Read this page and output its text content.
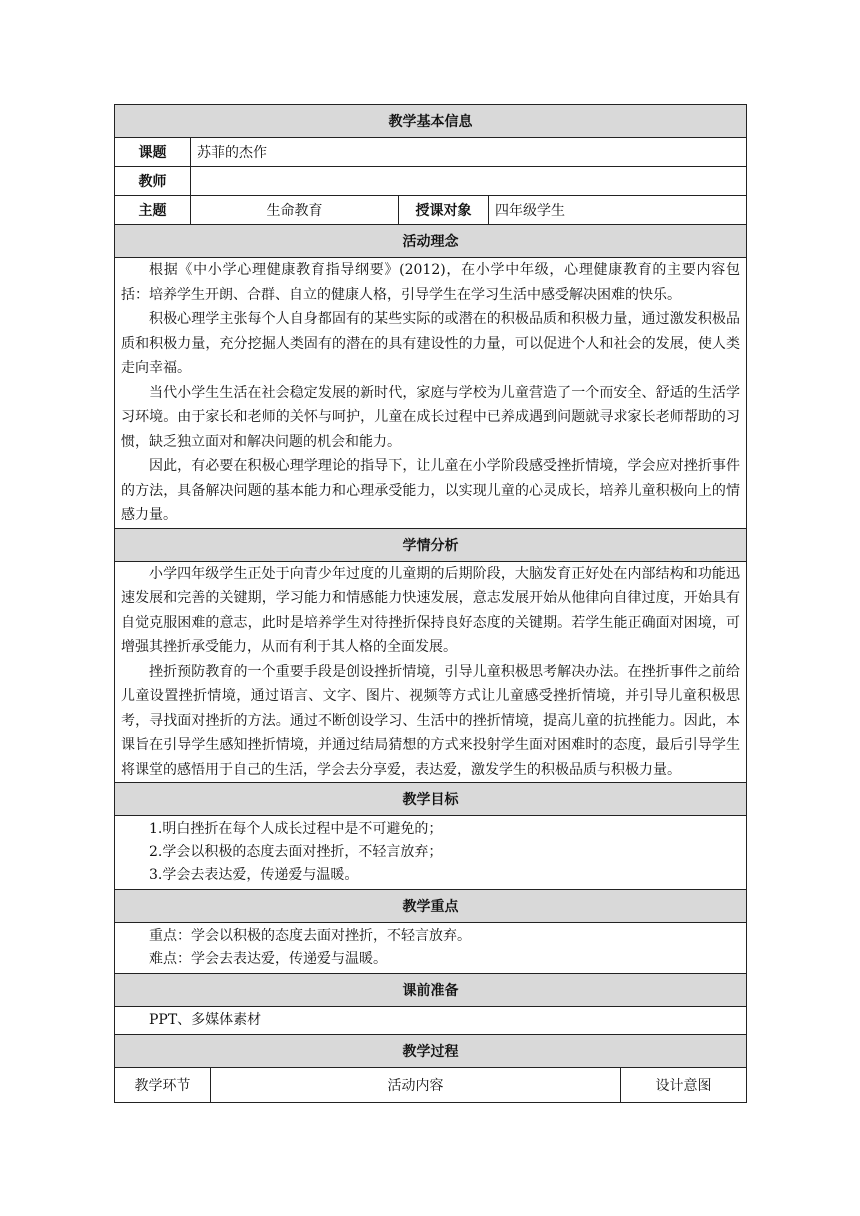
教学基本信息			
课题	苏菲的杰作		
教师			
主题	生命教育	授课对象	四年级学生
活动理念			

根据《中小学心理健康教育指导纲要》(2012)，在小学中年级，心理健康教育的主要内容包括：培养学生开朗、合群、自立的健康人格，引导学生在学习生活中感受解决困难的快乐。

积极心理学主张每个人自身都固有的某些实际的或潜在的积极品质和积极力量，通过激发积极品质和积极力量，充分挖掘人类固有的潜在的具有建设性的力量，可以促进个人和社会的发展，使人类走向幸福。

当代小学生生活在社会稳定发展的新时代，家庭与学校为儿童营造了一个而安全、舒适的生活学习环境。由于家长和老师的关怀与呵护，儿童在成长过程中已养成遇到问题就寻求家长老师帮助的习惯，缺乏独立面对和解决问题的机会和能力。

因此，有必要在积极心理学理论的指导下，让儿童在小学阶段感受挫折情境，学会应对挫折事件的方法，具备解决问题的基本能力和心理承受能力，以实现儿童的心灵成长，培养儿童积极向上的情感力量。			

学情分析			

小学四年级学生正处于向青少年过度的儿童期的后期阶段，大脑发育正好处在内部结构和功能迅速发展和完善的关键期，学习能力和情感能力快速发展，意志发展开始从他律向自律过度，开始具有自觉克服困难的意志，此时是培养学生对待挫折保持良好态度的关键期。若学生能正确面对困境，可增强其挫折承受能力，从而有利于其人格的全面发展。

挫折预防教育的一个重要手段是创设挫折情境，引导儿童积极思考解决办法。在挫折事件之前给儿童设置挫折情境，通过语言、文字、图片、视频等方式让儿童感受挫折情境，并引导儿童积极思考，寻找面对挫折的方法。通过不断创设学习、生活中的挫折情境，提高儿童的抗挫能力。因此，本课旨在引导学生感知挫折情境，并通过结局猜想的方式来投射学生面对困难时的态度，最后引导学生将课堂的感悟用于自己的生活，学会去分享爱，表达爱，激发学生的积极品质与积极力量。			

教学目标			

1.明白挫折在每个人成长过程中是不可避免的；

2.学会以积极的态度去面对挫折，不轻言放弃；

3.学会去表达爱，传递爱与温暖。			

教学重点			

重点：学会以积极的态度去面对挫折，不轻言放弃。

难点：学会去表达爱，传递爱与温暖。			

课前准备			

PPT、多媒体素材			

教学过程			
教学环节	活动内容	设计意图
